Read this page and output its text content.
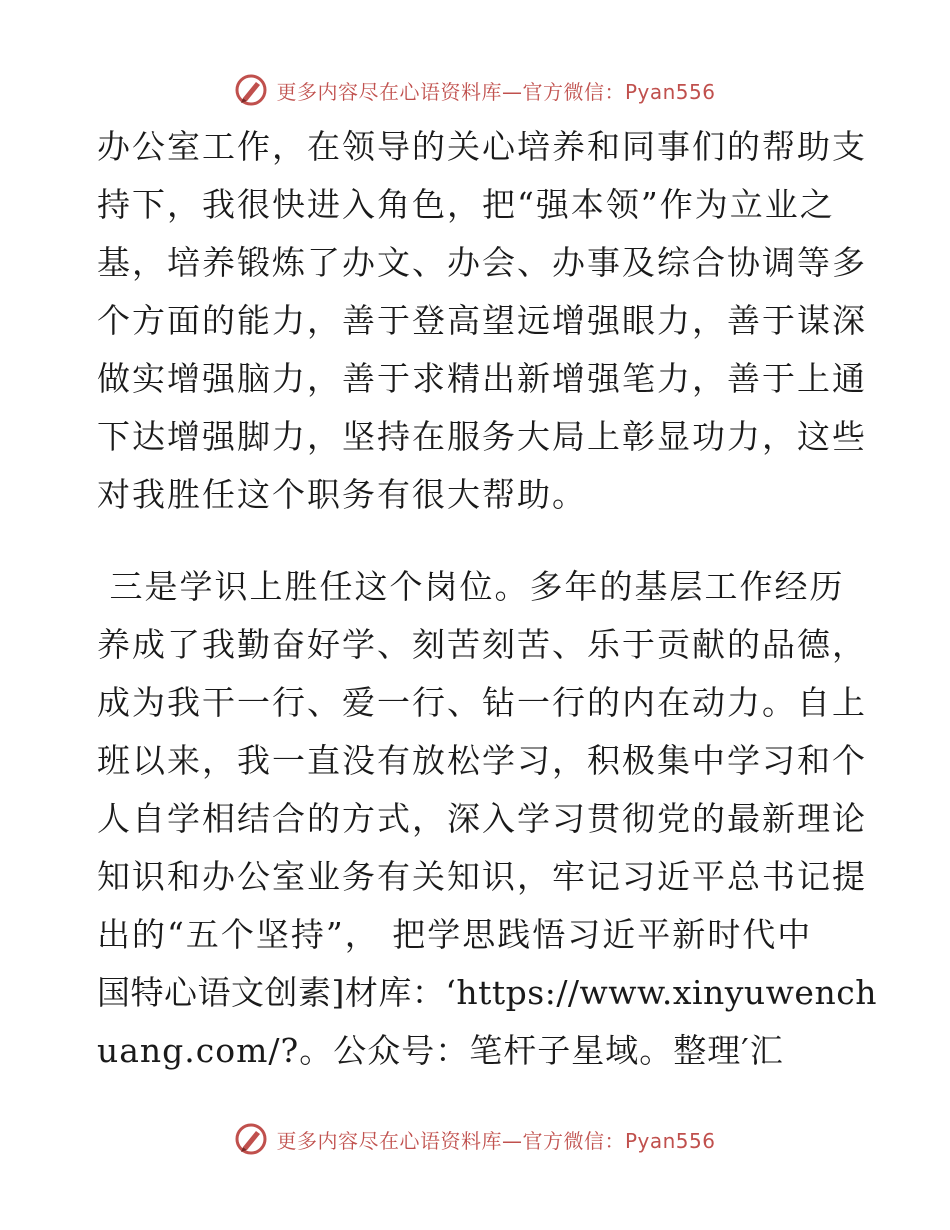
更多内容尽在心语资料库—官方微信：Pyan556
办公室工作，在领导的关心培养和同事们的帮助支
持下，我很快进入角色，把“强本领”作为立业之
基，培养锻炼了办文、办会、办事及综合协调等多
个方面的能力，善于登高望远增强眼力，善于谋深
做实增强脑力，善于求精出新增强笔力，善于上通
下达增强脚力，坚持在服务大局上彰显功力，这些
对我胜任这个职务有很大帮助。
三是学识上胜任这个岗位。多年的基层工作经历
养成了我勤奋好学、刻苦刻苦、乐于贡献的品德，
成为我干一行、爱一行、钻一行的内在动力。自上
班以来，我一直没有放松学习，积极集中学习和个
人自学相结合的方式，深入学习贯彻党的最新理论
知识和办公室业务有关知识，牢记习近平总书记提
出的“五个坚持”， 把学思践悟习近平新时代中
国特心语文创素]材库：‘https://www.xinyuwench
uang.com/?。公众号：笔杆子星域。整理′汇
更多内容尽在心语资料库—官方微信：Pyan556
